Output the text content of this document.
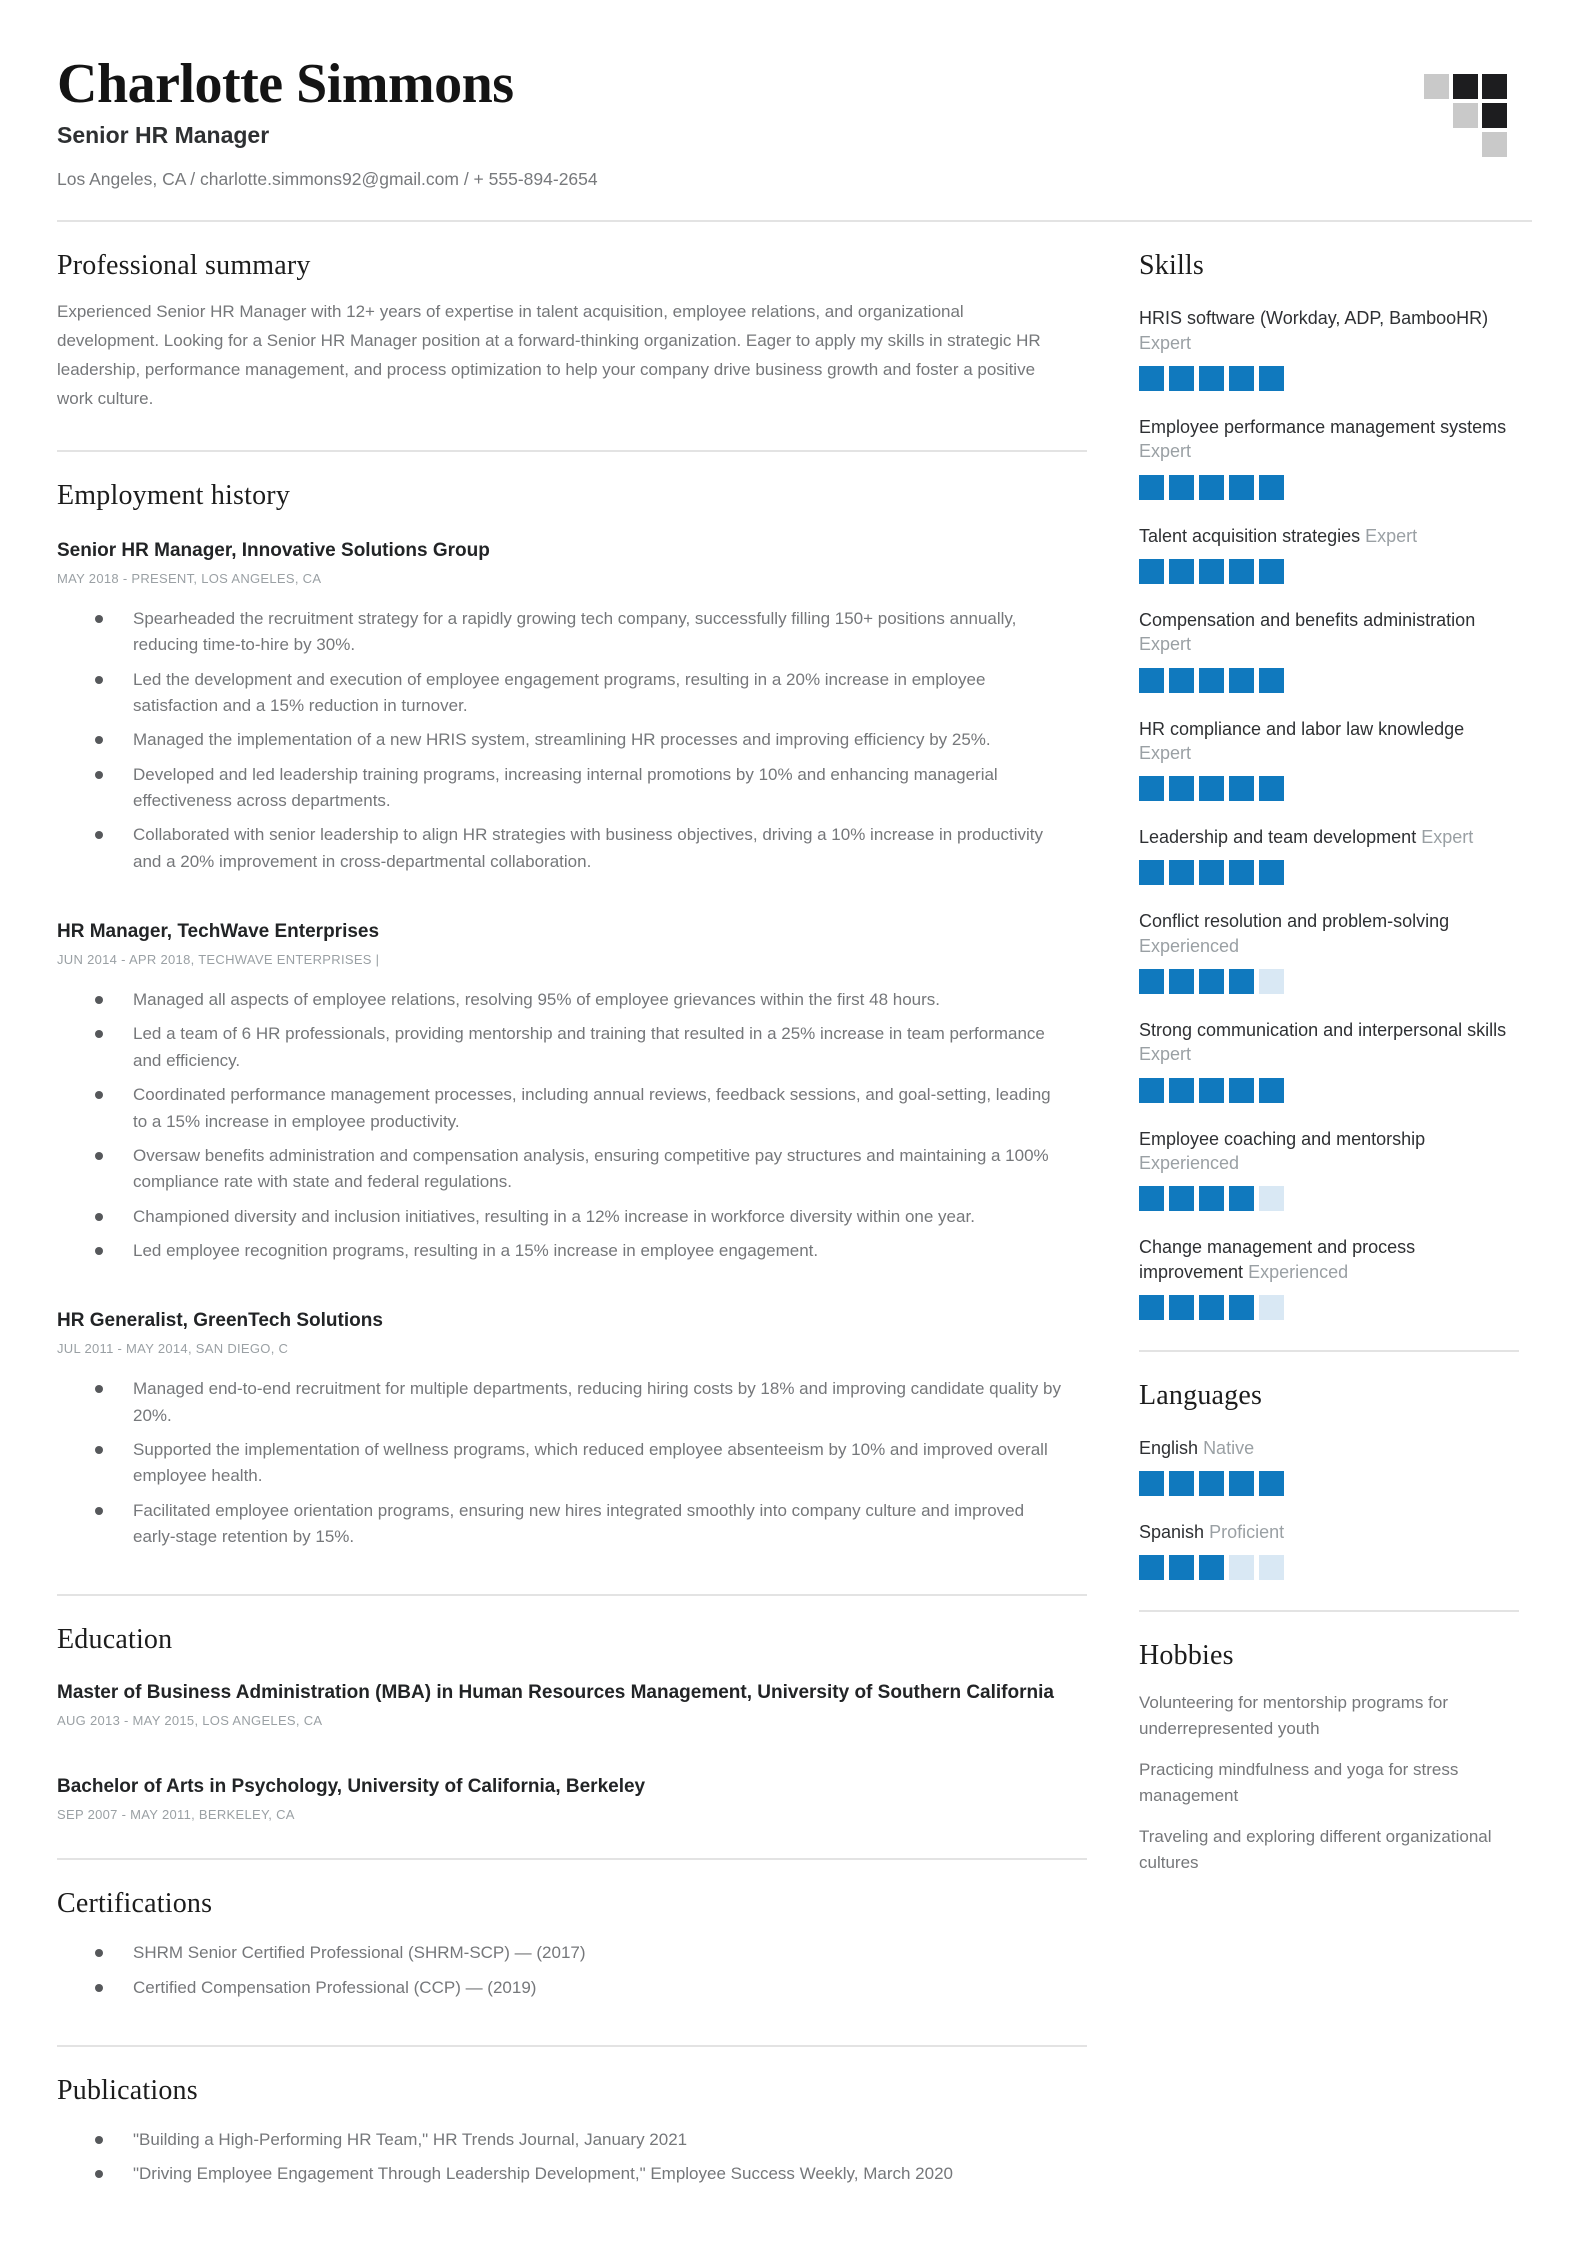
Charlotte Simmons
Senior HR Manager
Los Angeles, CA / charlotte.simmons92@gmail.com / + 555-894-2654
Professional summary

Experienced Senior HR Manager with 12+ years of expertise in talent acquisition, employee relations, and organizational development. Looking for a Senior HR Manager position at a forward-thinking organization. Eager to apply my skills in strategic HR leadership, performance management, and process optimization to help your company drive business growth and foster a positive work culture.

Employment history
Senior HR Manager, Innovative Solutions Group
MAY 2018 - PRESENT, LOS ANGELES, CA
Spearheaded the recruitment strategy for a rapidly growing tech company, successfully filling 150+ positions annually, reducing time-to-hire by 30%.
Led the development and execution of employee engagement programs, resulting in a 20% increase in employee satisfaction and a 15% reduction in turnover.
Managed the implementation of a new HRIS system, streamlining HR processes and improving efficiency by 25%.
Developed and led leadership training programs, increasing internal promotions by 10% and enhancing managerial effectiveness across departments.
Collaborated with senior leadership to align HR strategies with business objectives, driving a 10% increase in productivity and a 20% improvement in cross-departmental collaboration.
HR Manager, TechWave Enterprises
JUN 2014 - APR 2018, TECHWAVE ENTERPRISES |
Managed all aspects of employee relations, resolving 95% of employee grievances within the first 48 hours.
Led a team of 6 HR professionals, providing mentorship and training that resulted in a 25% increase in team performance and efficiency.
Coordinated performance management processes, including annual reviews, feedback sessions, and goal-setting, leading to a 15% increase in employee productivity.
Oversaw benefits administration and compensation analysis, ensuring competitive pay structures and maintaining a 100% compliance rate with state and federal regulations.
Championed diversity and inclusion initiatives, resulting in a 12% increase in workforce diversity within one year.
Led employee recognition programs, resulting in a 15% increase in employee engagement.
HR Generalist, GreenTech Solutions
JUL 2011 - MAY 2014, SAN DIEGO, C
Managed end-to-end recruitment for multiple departments, reducing hiring costs by 18% and improving candidate quality by 20%.
Supported the implementation of wellness programs, which reduced employee absenteeism by 10% and improved overall employee health.
Facilitated employee orientation programs, ensuring new hires integrated smoothly into company culture and improved early-stage retention by 15%.
Education
Master of Business Administration (MBA) in Human Resources Management, University of Southern California
AUG 2013 - MAY 2015, LOS ANGELES, CA
Bachelor of Arts in Psychology, University of California, Berkeley
SEP 2007 - MAY 2011, BERKELEY, CA
Certifications
SHRM Senior Certified Professional (SHRM-SCP) — (2017)
Certified Compensation Professional (CCP) — (2019)
Publications
"Building a High-Performing HR Team," HR Trends Journal, January 2021
"Driving Employee Engagement Through Leadership Development," Employee Success Weekly, March 2020
Skills
HRIS software (Workday, ADP, BambooHR) Expert
Employee performance management systems Expert
Talent acquisition strategies Expert
Compensation and benefits administration Expert
HR compliance and labor law knowledge Expert
Leadership and team development Expert
Conflict resolution and problem-solving Experienced
Strong communication and interpersonal skills Expert
Employee coaching and mentorship Experienced
Change management and process improvement Experienced
Languages
English Native
Spanish Proficient
Hobbies

Volunteering for mentorship programs for underrepresented youth

Practicing mindfulness and yoga for stress management

Traveling and exploring different organizational cultures
